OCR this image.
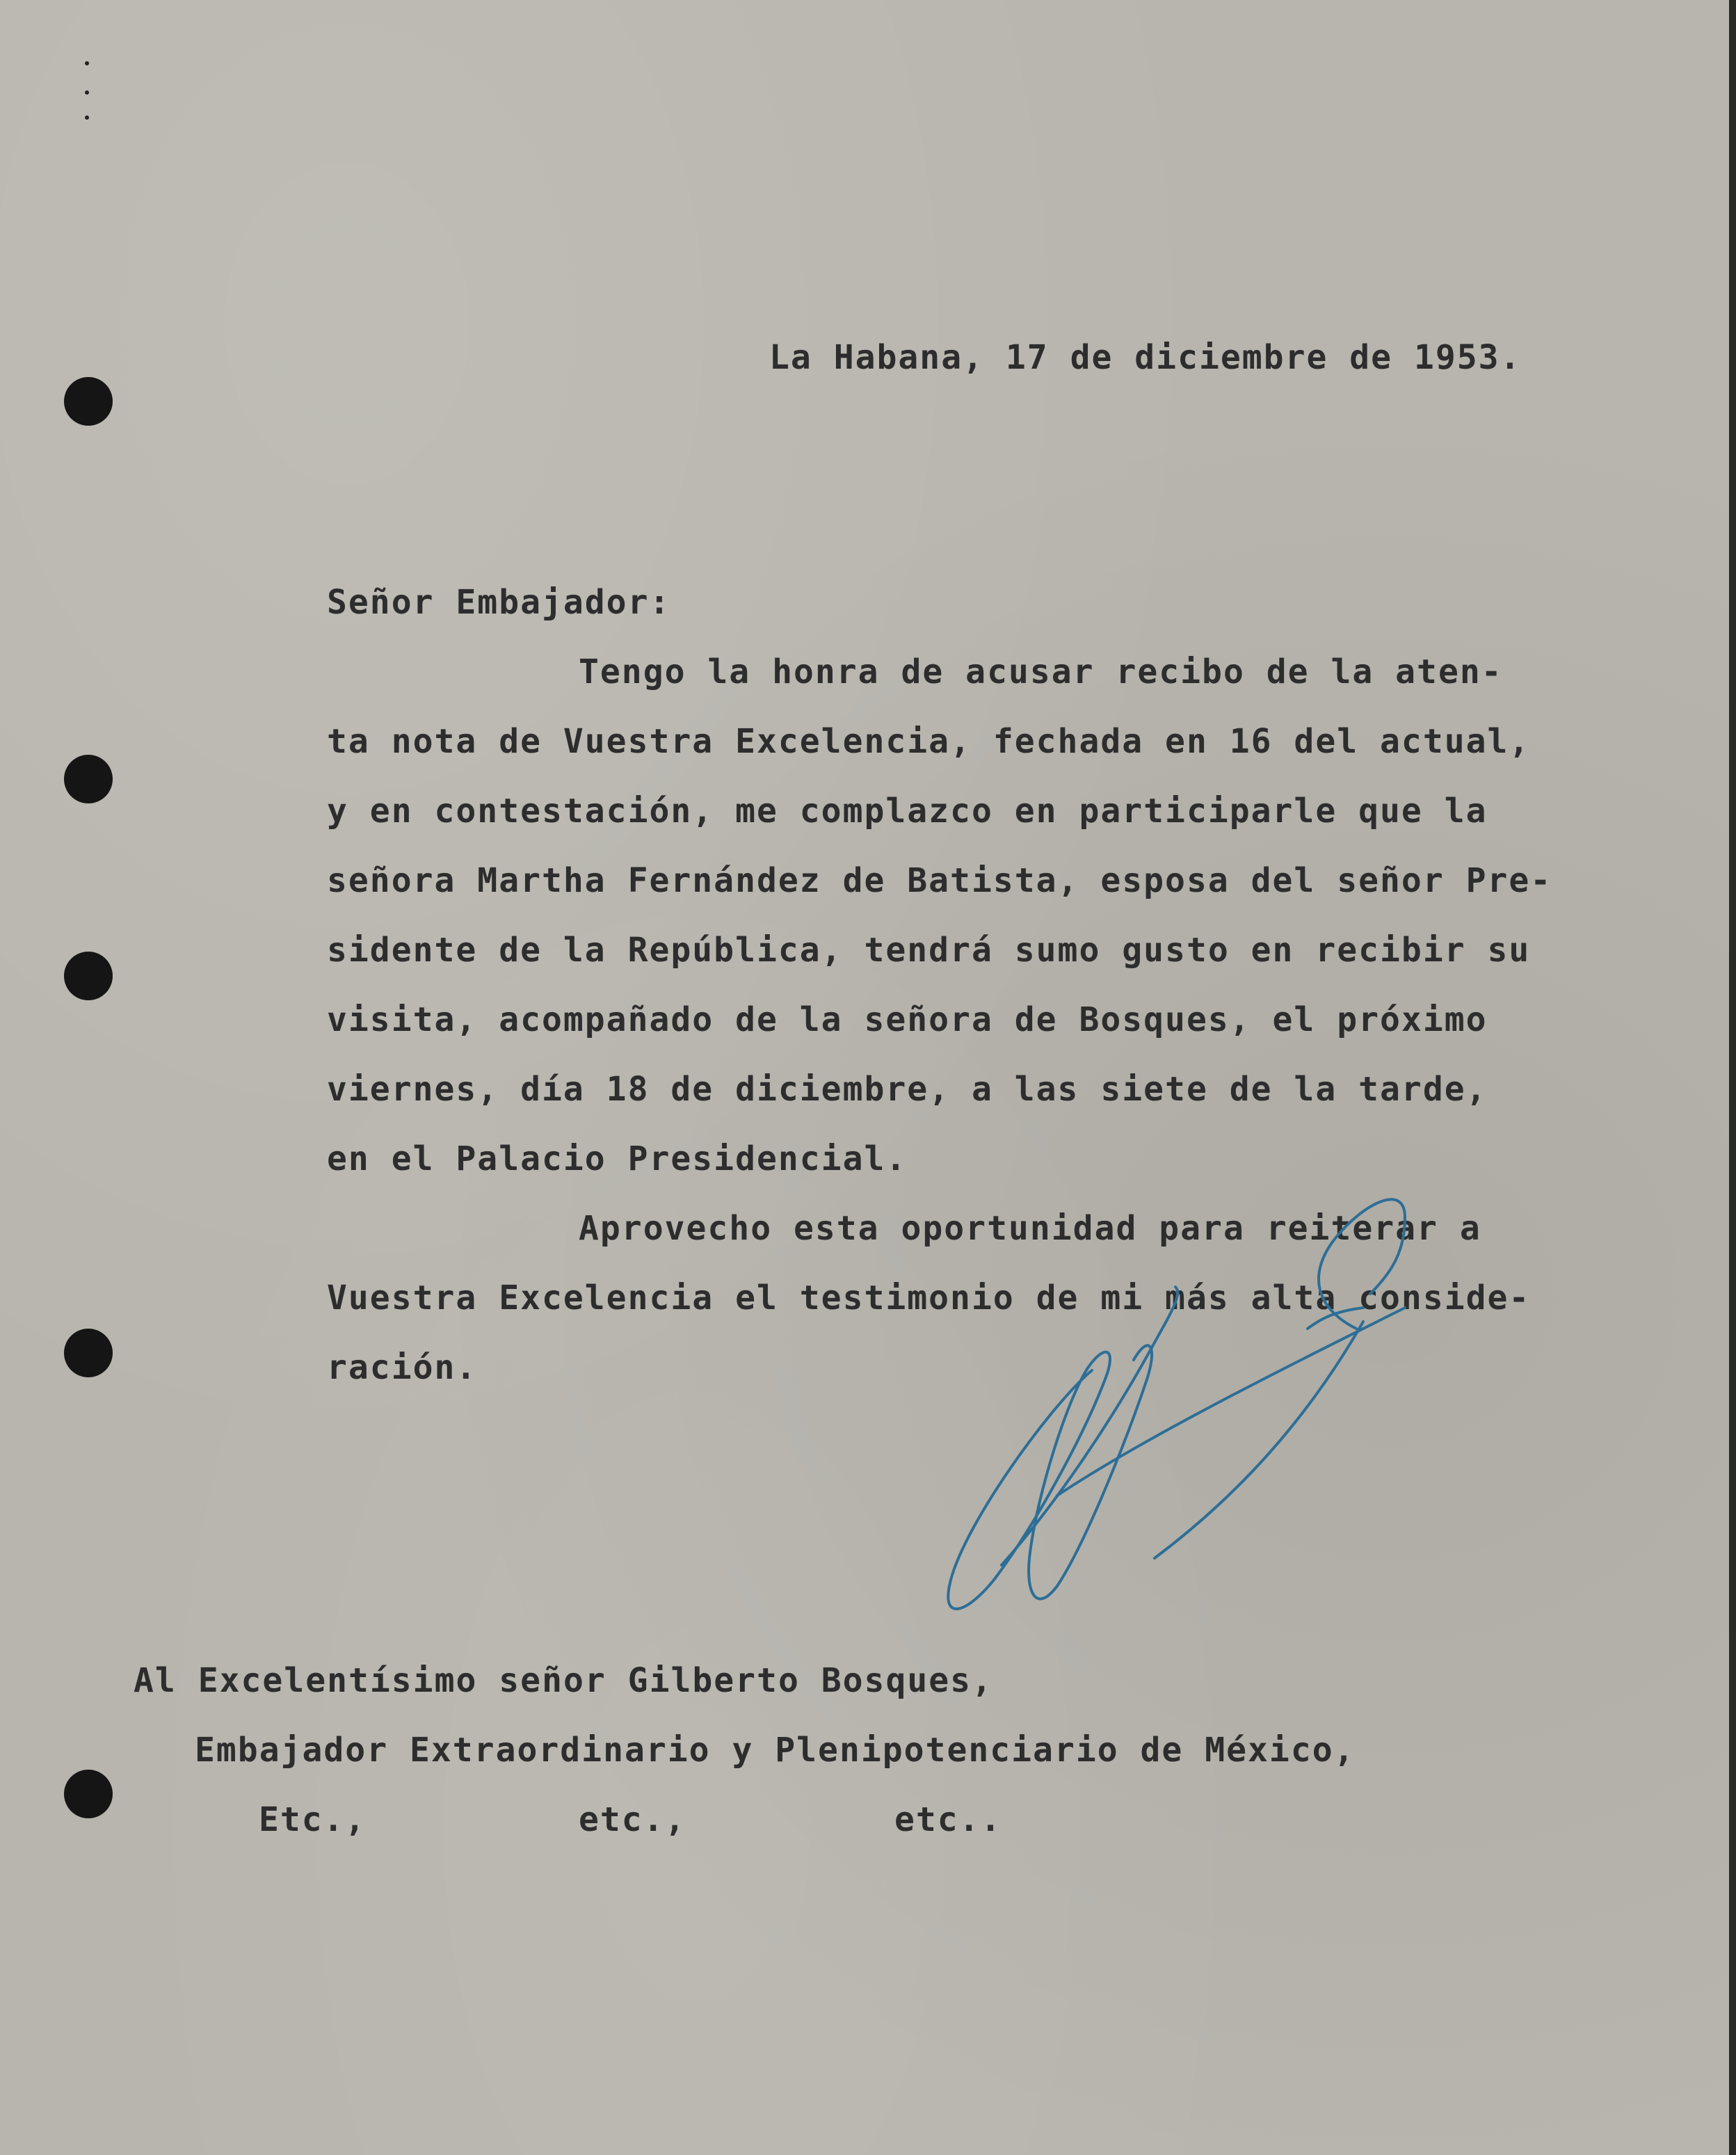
La Habana, 17 de diciembre de 1953.

Señor Embajador:

Tengo la honra de acusar recibo de la aten-

ta nota de Vuestra Excelencia, fechada en 16 del actual,

y en contestación, me complazco en participarle que la

señora Martha Fernández de Batista, esposa del señor Pre-

sidente de la República, tendrá sumo gusto en recibir su

visita, acompañado de la señora de Bosques, el próximo

viernes, día 18 de diciembre, a las siete de la tarde,

en el Palacio Presidencial.

Aprovecho esta oportunidad para reiterar a

Vuestra Excelencia el testimonio de mi más alta conside-

ración.

Al Excelentísimo señor Gilberto Bosques,

Embajador Extraordinario y Plenipotenciario de México,

Etc.,	etc.,	etc..
